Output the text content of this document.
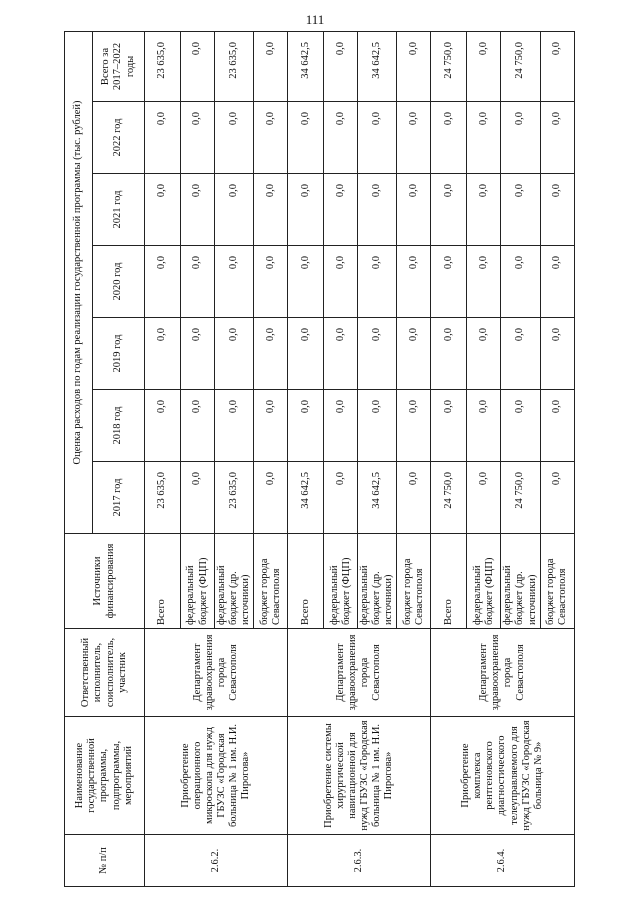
111
№ п/п	Наименование государственной программы, подпрограммы, мероприятий	Ответственный исполнитель, соисполнитель, участник	Источники финансирования	Оценка расходов по годам реализации государственной программы (тыс. рублей)						
				2017 год	2018 год	2019 год	2020 год	2021 год	2022 год	Всего за 2017–2022 годы
2.6.2.	Приобретение операционного микроскопа для нужд ГБУЗС «Городская больница № 1 им. Н.И. Пирогова»	Департамент здравоохранения города Севастополя	Всего	23 635,0	0,0	0,0	0,0	0,0	0,0	23 635,0
			федеральный бюджет (ФЦП)	0,0	0,0	0,0	0,0	0,0	0,0	0,0
			федеральный бюджет (др. источники)	23 635,0	0,0	0,0	0,0	0,0	0,0	23 635,0
			бюджет города Севастополя	0,0	0,0	0,0	0,0	0,0	0,0	0,0
2.6.3.	Приобретение системы хирургической навигационной для нужд ГБУЗС «Городская больница № 1 им. Н.И. Пирогова»	Департамент здравоохранения города Севастополя	Всего	34 642,5	0,0	0,0	0,0	0,0	0,0	34 642,5
			федеральный бюджет (ФЦП)	0,0	0,0	0,0	0,0	0,0	0,0	0,0
			федеральный бюджет (др. источники)	34 642,5	0,0	0,0	0,0	0,0	0,0	34 642,5
			бюджет города Севастополя	0,0	0,0	0,0	0,0	0,0	0,0	0,0
2.6.4.	Приобретение комплекса рентгеновского диагностического телеуправляемого для нужд ГБУЗС «Городская больница № 9»	Департамент здравоохранения города Севастополя	Всего	24 750,0	0,0	0,0	0,0	0,0	0,0	24 750,0
			федеральный бюджет (ФЦП)	0,0	0,0	0,0	0,0	0,0	0,0	0,0
			федеральный бюджет (др. источники)	24 750,0	0,0	0,0	0,0	0,0	0,0	24 750,0
			бюджет города Севастополя	0,0	0,0	0,0	0,0	0,0	0,0	0,0
